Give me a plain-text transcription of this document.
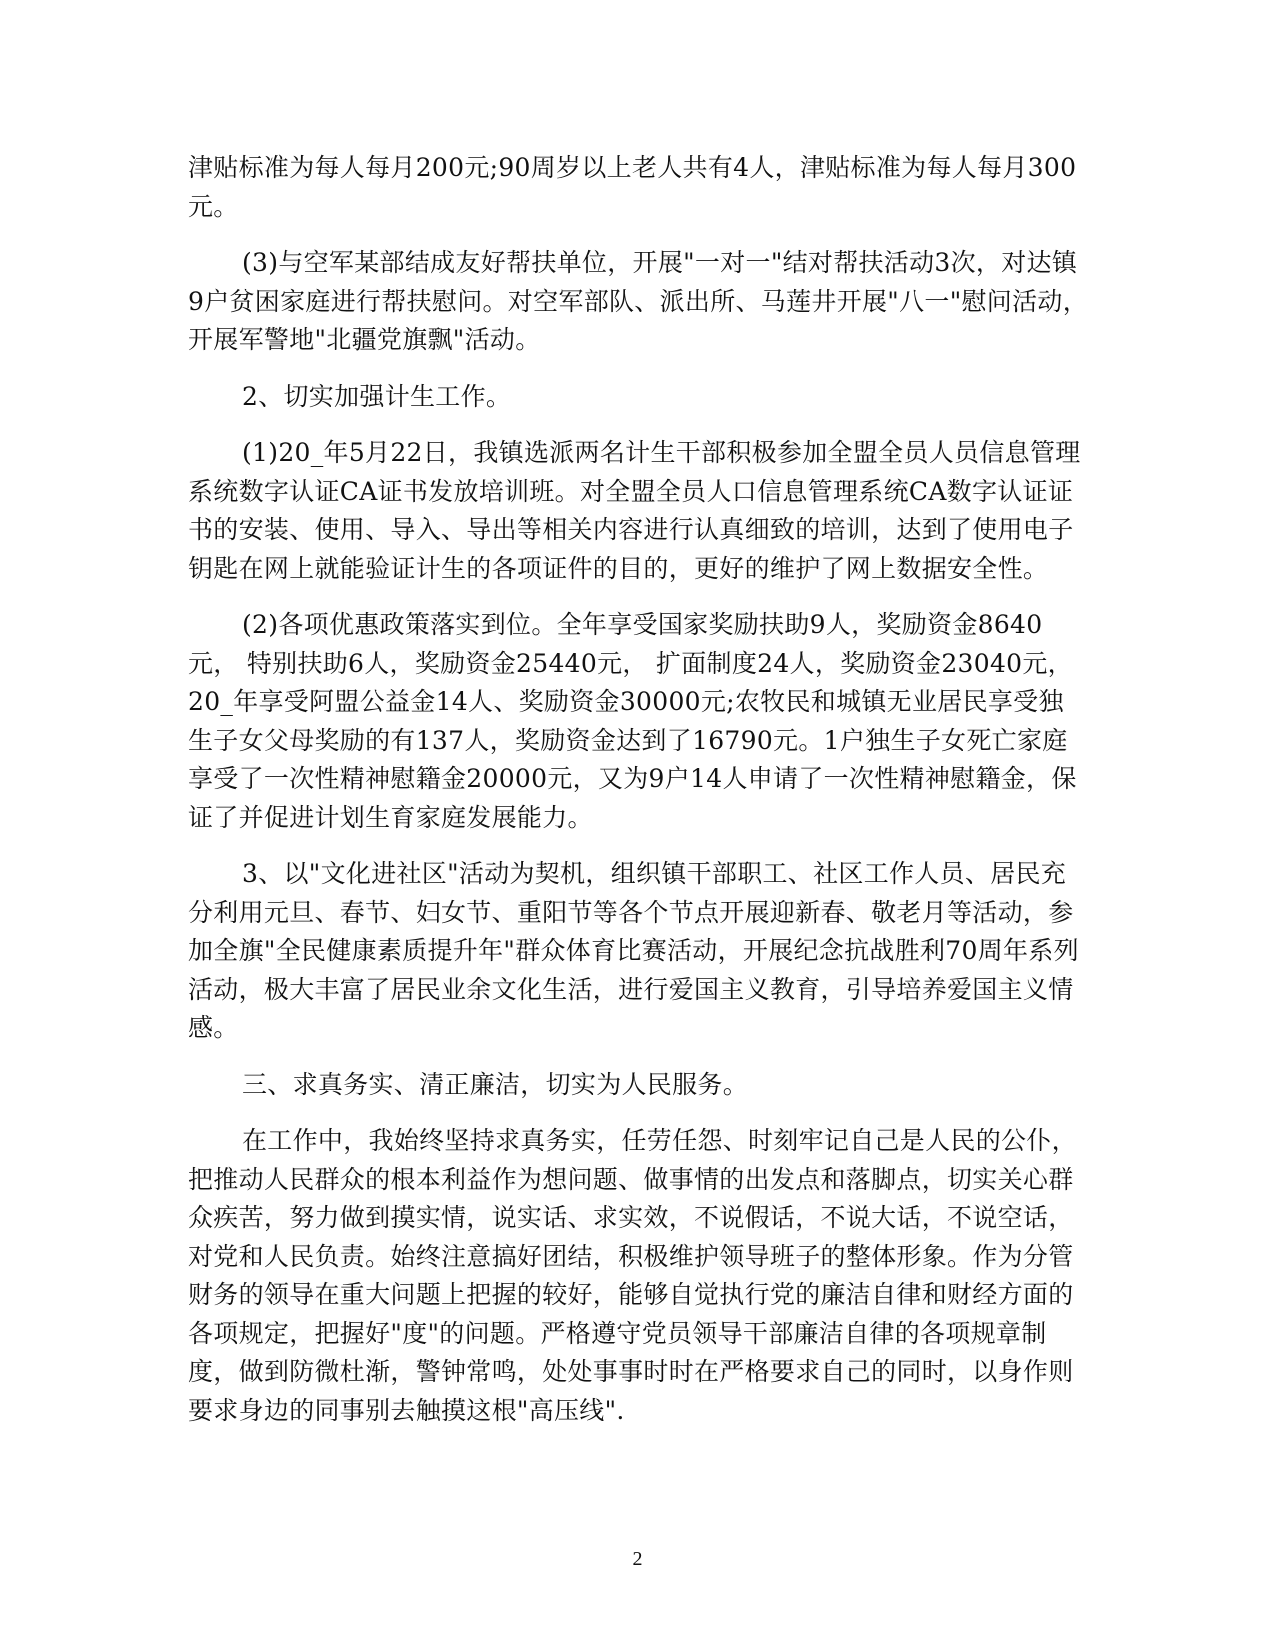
津贴标准为每人每月200元;90周岁以上老人共有4人，津贴标准为每人每月300元。

(3)与空军某部结成友好帮扶单位，开展"一对一"结对帮扶活动3次，对达镇9户贫困家庭进行帮扶慰问。对空军部队、派出所、马莲井开展"八一"慰问活动，开展军警地"北疆党旗飘"活动。

2、切实加强计生工作。

(1)20_年5月22日，我镇选派两名计生干部积极参加全盟全员人员信息管理系统数字认证CA证书发放培训班。对全盟全员人口信息管理系统CA数字认证证书的安装、使用、导入、导出等相关内容进行认真细致的培训，达到了使用电子钥匙在网上就能验证计生的各项证件的目的，更好的维护了网上数据安全性。

(2)各项优惠政策落实到位。全年享受国家奖励扶助9人，奖励资金8640元， 特别扶助6人，奖励资金25440元， 扩面制度24人，奖励资金23040元，20_年享受阿盟公益金14人、奖励资金30000元;农牧民和城镇无业居民享受独生子女父母奖励的有137人，奖励资金达到了16790元。1户独生子女死亡家庭享受了一次性精神慰籍金20000元，又为9户14人申请了一次性精神慰籍金，保证了并促进计划生育家庭发展能力。

3、以"文化进社区"活动为契机，组织镇干部职工、社区工作人员、居民充分利用元旦、春节、妇女节、重阳节等各个节点开展迎新春、敬老月等活动，参加全旗"全民健康素质提升年"群众体育比赛活动，开展纪念抗战胜利70周年系列活动，极大丰富了居民业余文化生活，进行爱国主义教育，引导培养爱国主义情感。

三、求真务实、清正廉洁，切实为人民服务。

在工作中，我始终坚持求真务实，任劳任怨、时刻牢记自己是人民的公仆，把推动人民群众的根本利益作为想问题、做事情的出发点和落脚点，切实关心群众疾苦，努力做到摸实情，说实话、求实效，不说假话，不说大话，不说空话，对党和人民负责。始终注意搞好团结，积极维护领导班子的整体形象。作为分管财务的领导在重大问题上把握的较好，能够自觉执行党的廉洁自律和财经方面的各项规定，把握好"度"的问题。严格遵守党员领导干部廉洁自律的各项规章制度，做到防微杜渐，警钟常鸣，处处事事时时在严格要求自己的同时，以身作则要求身边的同事别去触摸这根"高压线".

2
